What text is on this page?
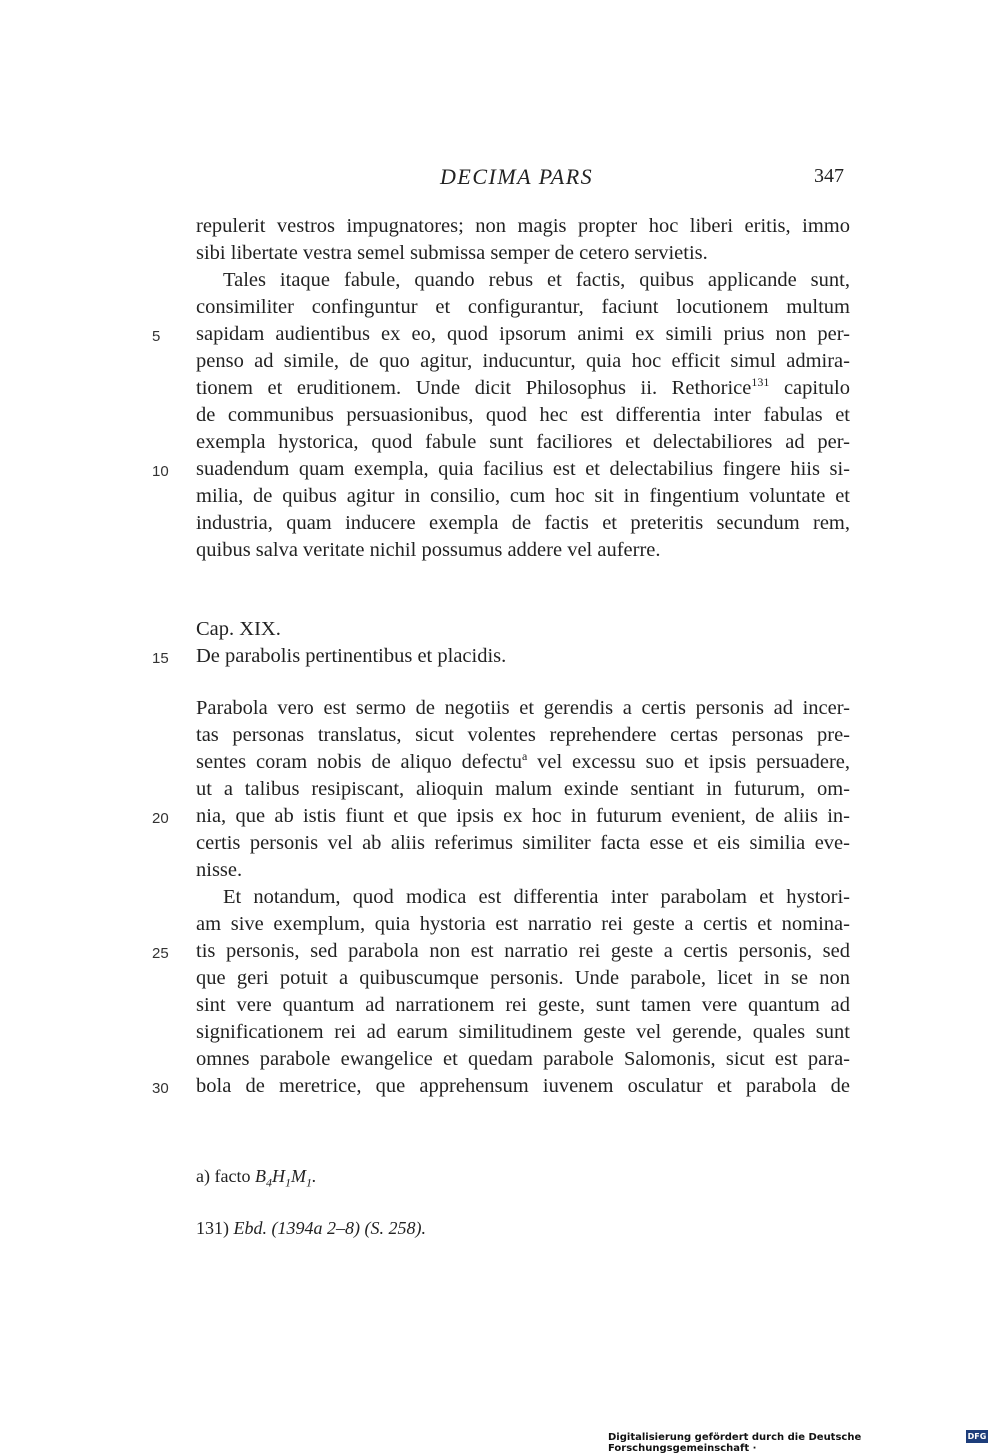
DECIMA PARS	347
repulerit vestros impugnatores; non magis propter hoc liberi eritis, immo
sibi libertate vestra semel submissa semper de cetero servietis.
Tales itaque fabule, quando rebus et factis, quibus applicande sunt,
consimiliter confinguntur et configurantur, faciunt locutionem multum
sapidam audientibus ex eo, quod ipsorum animi ex simili prius non per-
penso ad simile, de quo agitur, inducuntur, quia hoc efficit simul admira-
tionem et eruditionem. Unde dicit Philosophus ii. Rethorice$^{131}$ capitulo
de communibus persuasionibus, quod hec est differentia inter fabulas et
exempla hystorica, quod fabule sunt faciliores et delectabiliores ad per-
suadendum quam exempla, quia facilius est et delectabilius fingere hiis si-
milia, de quibus agitur in consilio, cum hoc sit in fingentium voluntate et
industria, quam inducere exempla de factis et preteritis secundum rem,
quibus salva veritate nichil possumus addere vel auferre.
Cap. XIX.
De parabolis pertinentibus et placidis.
Parabola vero est sermo de negotiis et gerendis a certis personis ad incer-
tas personas translatus, sicut volentes reprehendere certas personas pre-
sentes coram nobis de aliquo defectu$^a$ vel excessu suo et ipsis persuadere,
ut a talibus resipiscant, alioquin malum exinde sentiant in futurum, om-
nia, que ab istis fiunt et que ipsis ex hoc in futurum evenient, de aliis in-
certis personis vel ab aliis referimus similiter facta esse et eis similia eve-
nisse.
Et notandum, quod modica est differentia inter parabolam et hystori-
am sive exemplum, quia hystoria est narratio rei geste a certis et nomina-
tis personis, sed parabola non est narratio rei geste a certis personis, sed
que geri potuit a quibuscumque personis. Unde parabole, licet in se non
sint vere quantum ad narrationem rei geste, sunt tamen vere quantum ad
significationem rei ad earum similitudinem geste vel gerende, quales sunt
omnes parabole ewangelice et quedam parabole Salomonis, sicut est para-
bola de meretrice, que apprehensum iuvenem osculatur et parabola de
5
10
15
20
25
30
a) facto $B_4H_1M_1$.
131) Ebd. (1394a 2–8) (S. 258).
Digitalisierung gefördert durch die Deutsche Forschungsgemeinschaft ·
DFG
